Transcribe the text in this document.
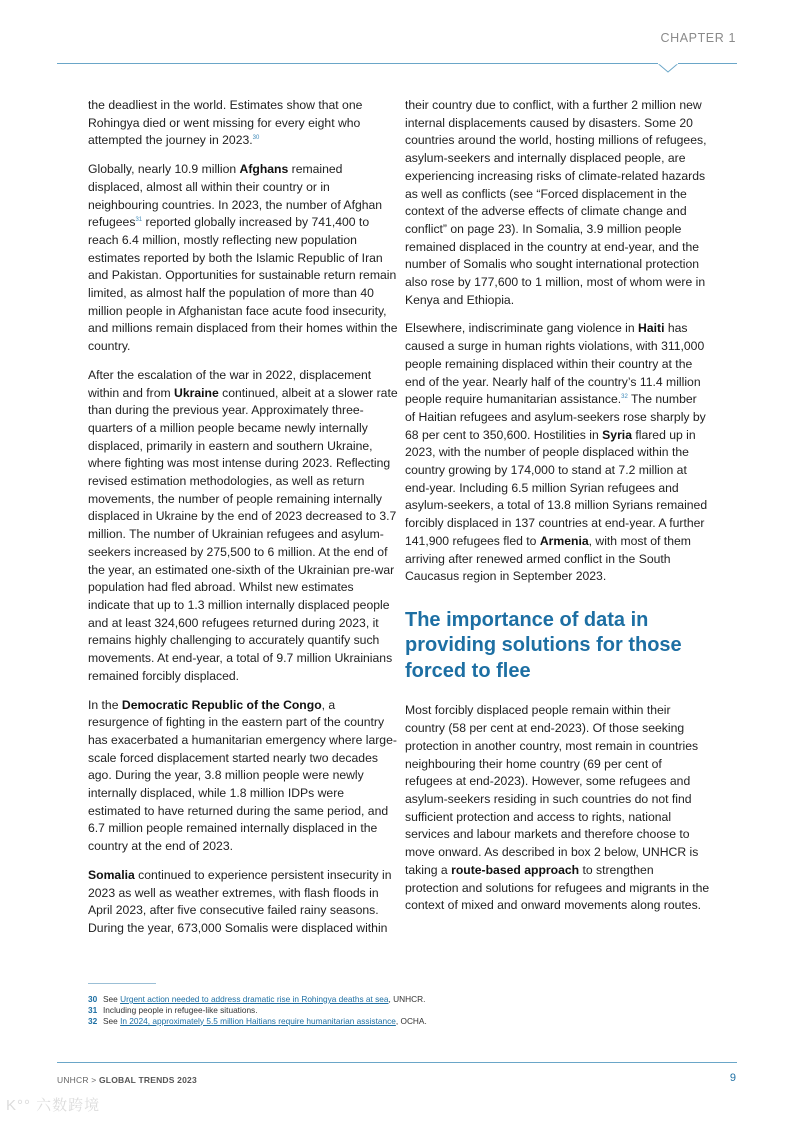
CHAPTER 1

the deadliest in the world. Estimates show that one Rohingya died or went missing for every eight who attempted the journey in 2023.30

Globally, nearly 10.9 million Afghans remained displaced, almost all within their country or in neighbouring countries. In 2023, the number of Afghan refugees$^{31}$ reported globally increased by 741,400 to reach 6.4 million, mostly reflecting new population estimates reported by both the Islamic Republic of Iran and Pakistan. Opportunities for sustainable return remain limited, as almost half the population of more than 40 million people in Afghanistan face acute food insecurity, and millions remain displaced from their homes within the country.

After the escalation of the war in 2022, displacement within and from Ukraine continued, albeit at a slower rate than during the previous year. Approximately three-quarters of a million people became newly internally displaced, primarily in eastern and southern Ukraine, where fighting was most intense during 2023. Reflecting revised estimation methodologies, as well as return movements, the number of people remaining internally displaced in Ukraine by the end of 2023 decreased to 3.7 million. The number of Ukrainian refugees and asylum-seekers increased by 275,500 to 6 million. At the end of the year, an estimated one-sixth of the Ukrainian pre-war population had fled abroad. Whilst new estimates indicate that up to 1.3 million internally displaced people and at least 324,600 refugees returned during 2023, it remains highly challenging to accurately quantify such movements. At end-year, a total of 9.7 million Ukrainians remained forcibly displaced.

In the Democratic Republic of the Congo, a resurgence of fighting in the eastern part of the country has exacerbated a humanitarian emergency where large-scale forced displacement started nearly two decades ago. During the year, 3.8 million people were newly internally displaced, while 1.8 million IDPs were estimated to have returned during the same period, and 6.7 million people remained internally displaced in the country at the end of 2023.

Somalia continued to experience persistent insecurity in 2023 as well as weather extremes, with flash floods in April 2023, after five consecutive failed rainy seasons. During the year, 673,000 Somalis were displaced within

their country due to conflict, with a further 2 million new internal displacements caused by disasters. Some 20 countries around the world, hosting millions of refugees, asylum-seekers and internally displaced people, are experiencing increasing risks of climate-related hazards as well as conflicts (see “Forced displacement in the context of the adverse effects of climate change and conflict” on page 23). In Somalia, 3.9 million people remained displaced in the country at end-year, and the number of Somalis who sought international protection also rose by 177,600 to 1 million, most of whom were in Kenya and Ethiopia.

Elsewhere, indiscriminate gang violence in Haiti has caused a surge in human rights violations, with 311,000 people remaining displaced within their country at the end of the year. Nearly half of the country’s 11.4 million people require humanitarian assistance.$^{32}$ The number of Haitian refugees and asylum-seekers rose sharply by 68 per cent to 350,600. Hostilities in Syria flared up in 2023, with the number of people displaced within the country growing by 174,000 to stand at 7.2 million at end-year. Including 6.5 million Syrian refugees and asylum-seekers, a total of 13.8 million Syrians remained forcibly displaced in 137 countries at end-year. A further 141,900 refugees fled to Armenia, with most of them arriving after renewed armed conflict in the South Caucasus region in September 2023.

The importance of data in providing solutions for those forced to flee

Most forcibly displaced people remain within their country (58 per cent at end-2023). Of those seeking protection in another country, most remain in countries neighbouring their home country (69 per cent of refugees at end-2023). However, some refugees and asylum-seekers residing in such countries do not find sufficient protection and access to rights, national services and labour markets and therefore choose to move onward. As described in box 2 below, UNHCR is taking a route-based approach to strengthen protection and solutions for refugees and migrants in the context of mixed and onward movements along routes.

30 See Urgent action needed to address dramatic rise in Rohingya deaths at sea, UNHCR.
31 Including people in refugee-like situations.
32 See In 2024, approximately 5.5 million Haitians require humanitarian assistance, OCHA.
UNHCR > GLOBAL TRENDS 2023	9
K°° 六数跨境
